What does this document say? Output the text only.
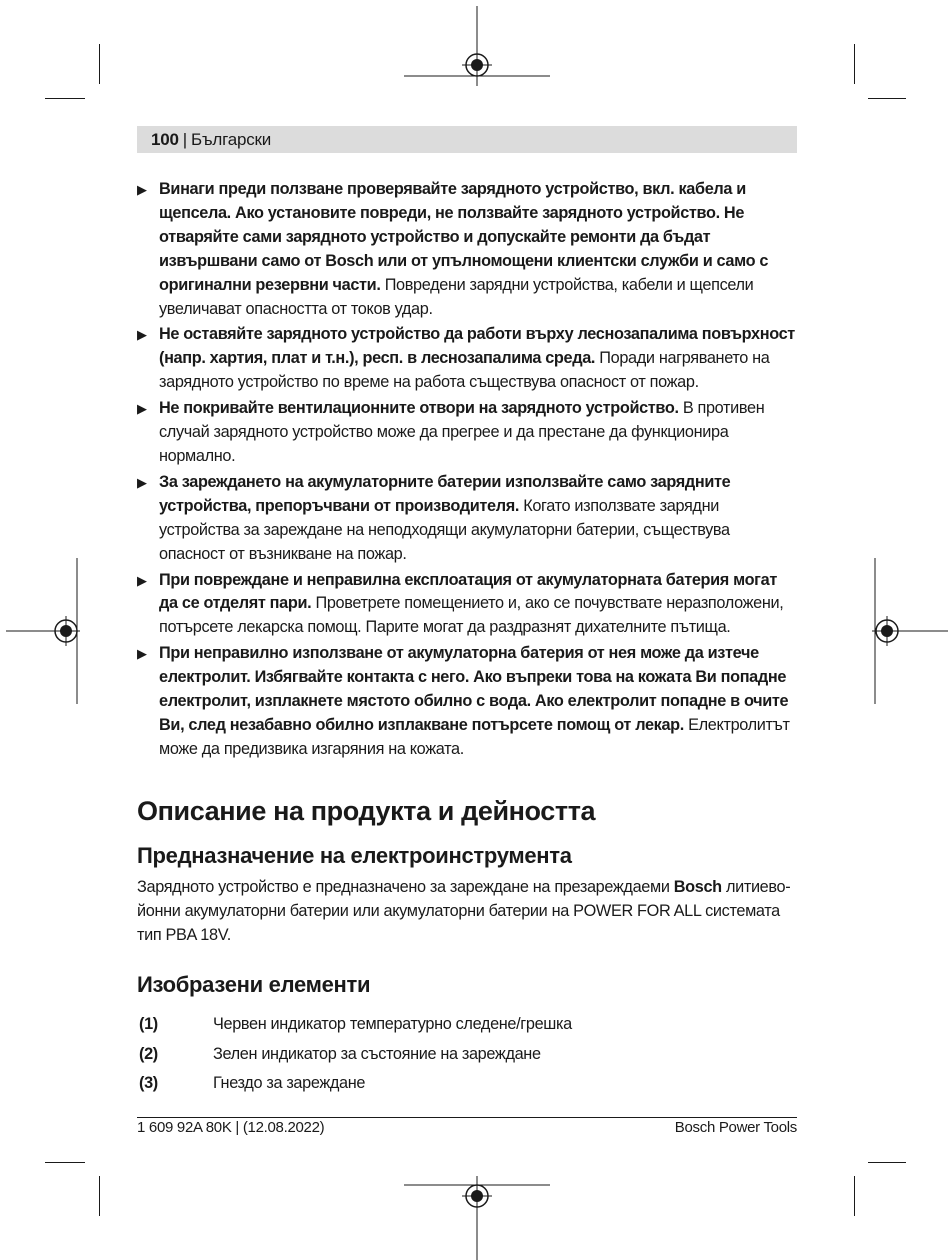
100 | Български
▶ Винаги преди ползване проверявайте зарядното устройство, вкл. кабела и щепсела. Ако установите повреди, не ползвайте зарядното устройство. Не отваряйте сами зарядното устройство и допускайте ремонти да бъдат извършвани само от Bosch или от упълномощени клиентски служби и само с оригинални резервни части. Повредени зарядни устройства, кабели и щепсели увеличават опасността от токов удар.
▶ Не оставяйте зарядното устройство да работи върху леснозапалима повърхност (напр. хартия, плат и т.н.), респ. в леснозапалима среда. Поради нагряването на зарядното устройство по време на работа съществува опасност от пожар.
▶ Не покривайте вентилационните отвори на зарядното устройство. В противен случай зарядното устройство може да прегрее и да престане да функционира нормално.
▶ За зареждането на акумулаторните батерии използвайте само зарядните устройства, препоръчвани от производителя. Когато използвате зарядни устройства за зареждане на неподходящи акумулаторни батерии, съществува опасност от възникване на пожар.
▶ При повреждане и неправилна експлоатация от акумулаторната батерия могат да се отделят пари. Проветрете помещението и, ако се почувствате неразположени, потърсете лекарска помощ. Парите могат да раздразнят дихателните пътища.
▶ При неправилно използване от акумулаторна батерия от нея може да изтече електролит. Избягвайте контакта с него. Ако въпреки това на кожата Ви попадне електролит, изплакнете мястото обилно с вода. Ако електролит попадне в очите Ви, след незабавно обилно изплакване потърсете помощ от лекар. Електролитът може да предизвика изгаряния на кожата.
Описание на продукта и дейността
Предназначение на електроинструмента

Зарядното устройство е предназначено за зареждане на презареждаеми Bosch литиево-йонни акумулаторни батерии или акумулаторни батерии на POWER FOR ALL системата тип PBA 18V.

Изобразени елементи
(1)	Червен индикатор температурно следене/грешка
(2)	Зелен индикатор за състояние на зареждане
(3)	Гнездо за зареждане
1 609 92A 80K | (12.08.2022)	Bosch Power Tools
